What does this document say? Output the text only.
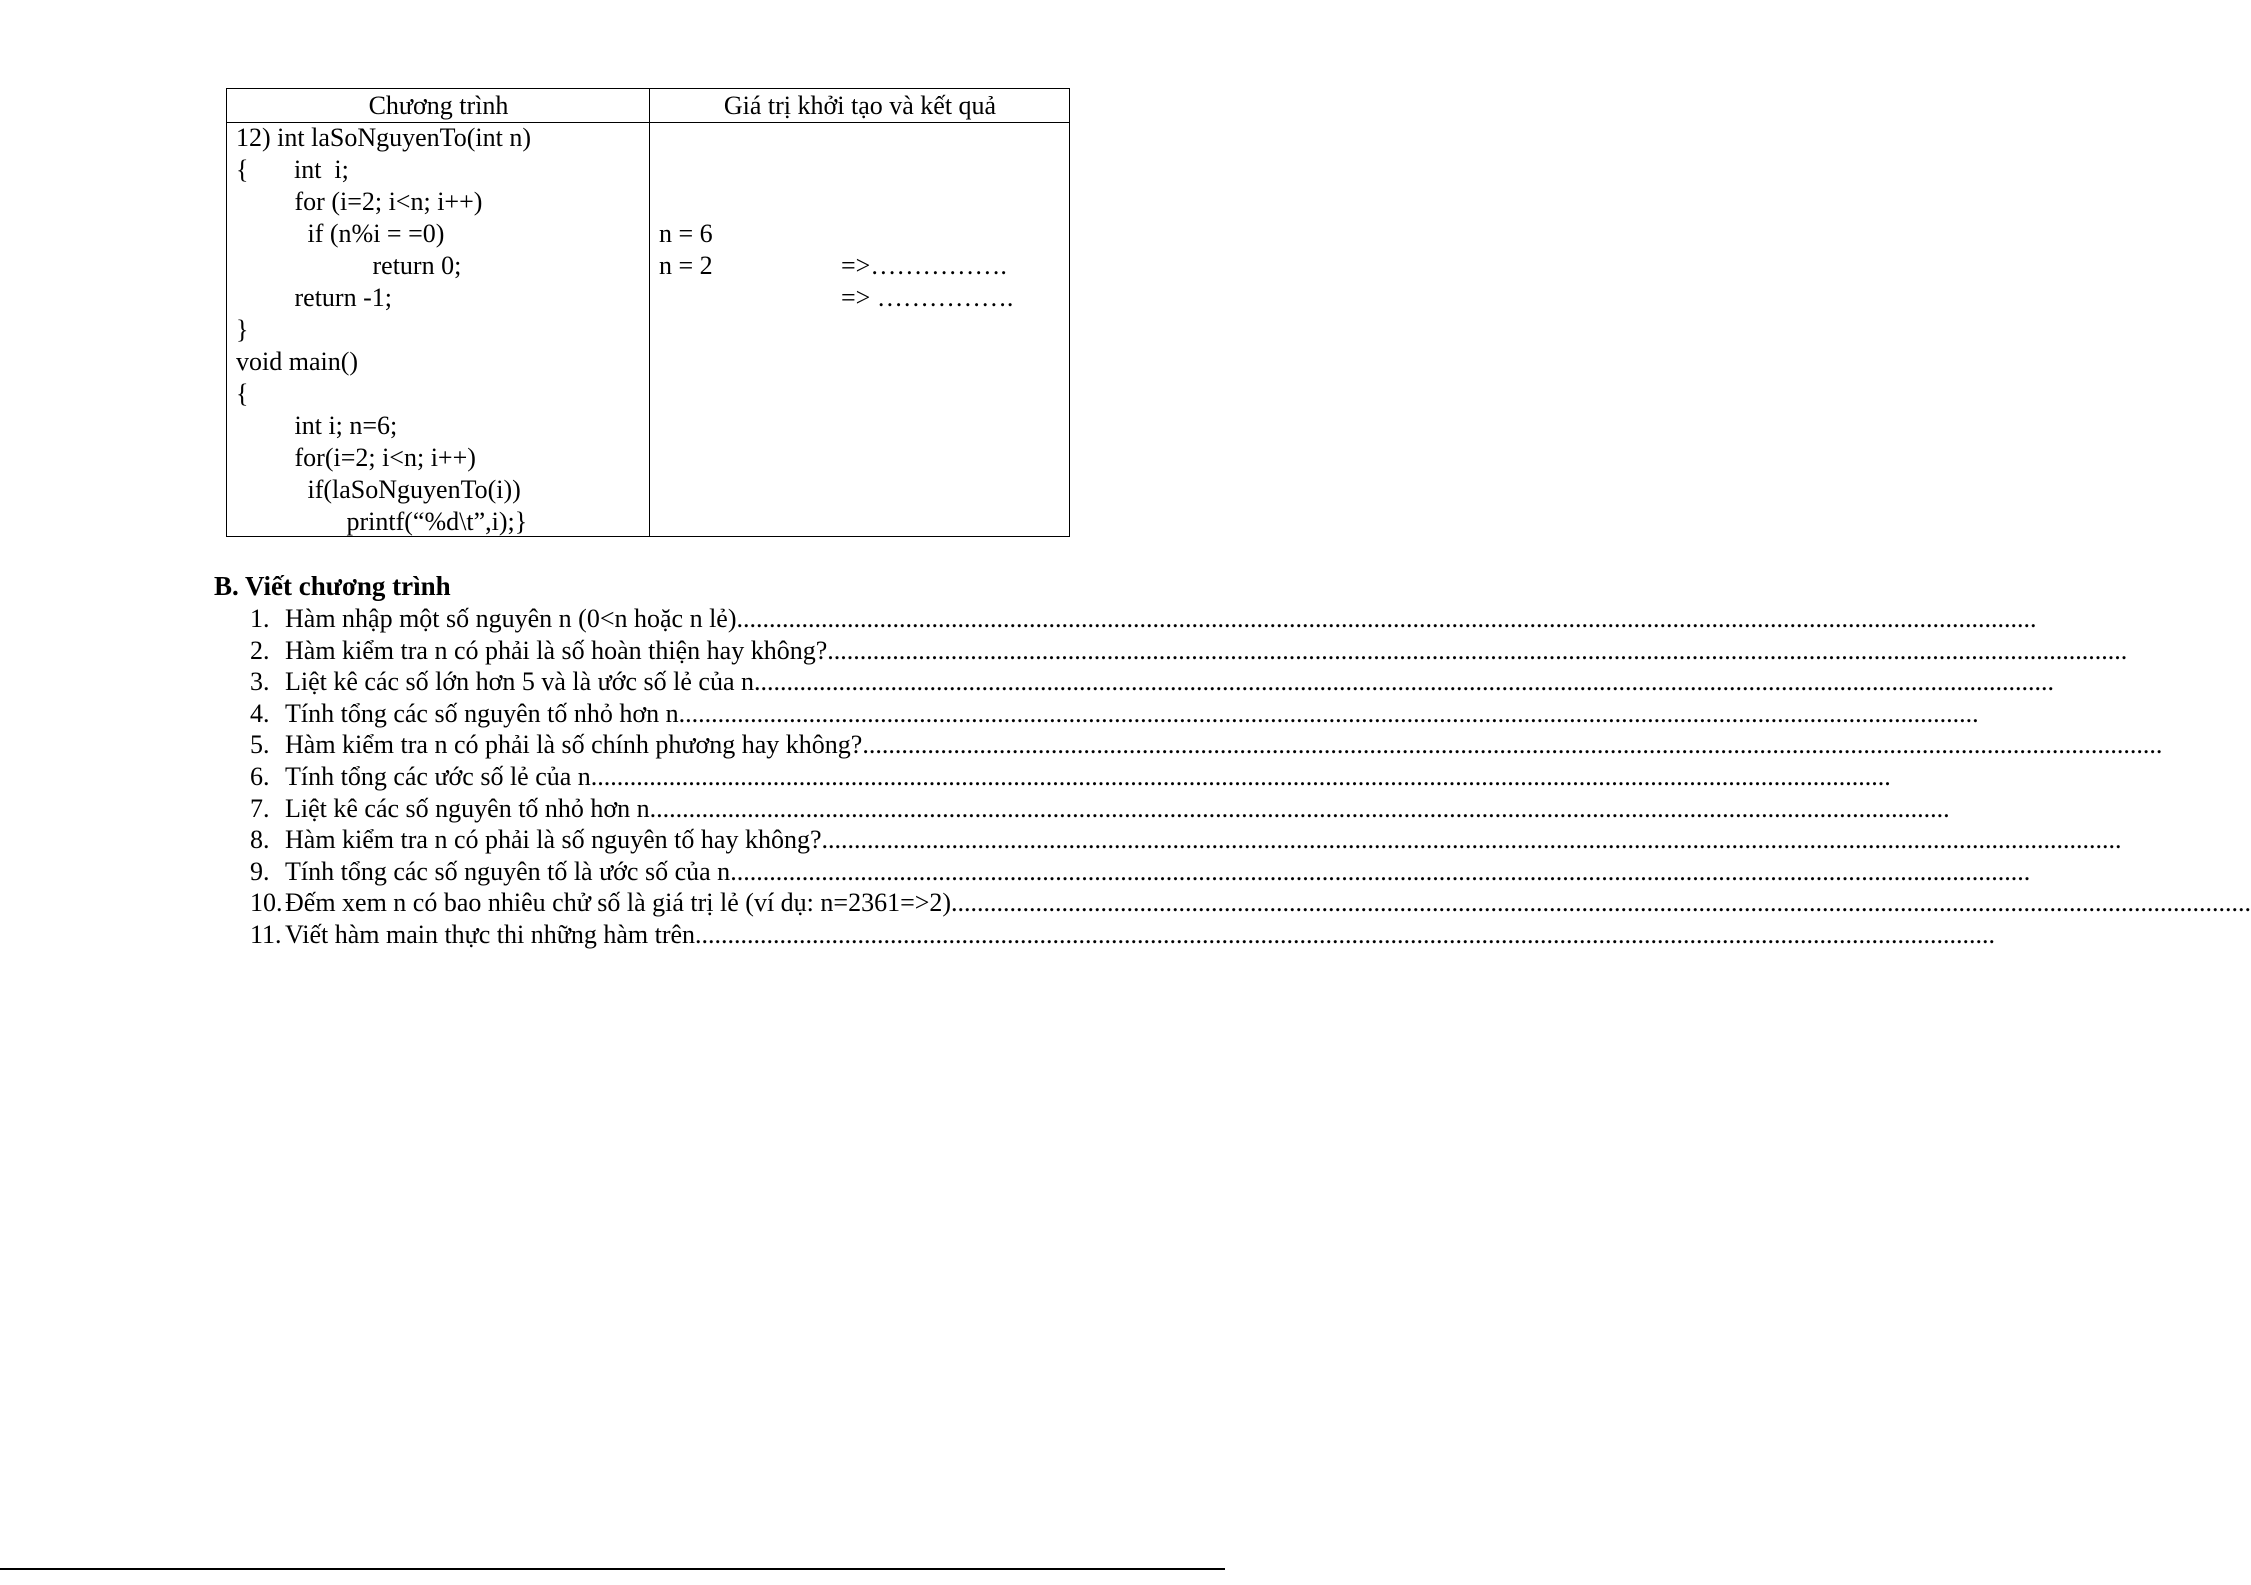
Chương trình	Giá trị khởi tạo và kết quả
12) int laSoNguyenTo(int n)
{       int  i;
for (i=2; i<n; i++)
if (n%i = =0)
return 0;
return -1;
}
void main()
{
int i; n=6;
for(i=2; i<n; i++)
if(laSoNguyenTo(i))
printf(“%d\t”,i);}

n = 6

=>…………….

n = 2

=> …………….

B. Viết chương trình
1. Hàm nhập một số nguyên n (0<n hoặc n lẻ) ........................................................................................................................................................................................................
2. Hàm kiểm tra n có phải là số hoàn thiện hay không? ........................................................................................................................................................................................................
3. Liệt kê các số lớn hơn 5 và là ước số lẻ của n ........................................................................................................................................................................................................
4. Tính tổng các số nguyên tố nhỏ hơn n ........................................................................................................................................................................................................
5. Hàm kiểm tra n có phải là số chính phương hay không? ........................................................................................................................................................................................................
6. Tính tổng các ước số lẻ của n ........................................................................................................................................................................................................
7. Liệt kê các số nguyên tố nhỏ hơn n ........................................................................................................................................................................................................
8. Hàm kiểm tra n có phải là số nguyên tố hay không? ........................................................................................................................................................................................................
9. Tính tổng các số nguyên tố là ước số của n ........................................................................................................................................................................................................
10. Đếm xem n có bao nhiêu chử số là giá trị lẻ (ví dụ: n=2361=>2) ........................................................................................................................................................................................................
11. Viết hàm main thực thi những hàm trên ........................................................................................................................................................................................................
